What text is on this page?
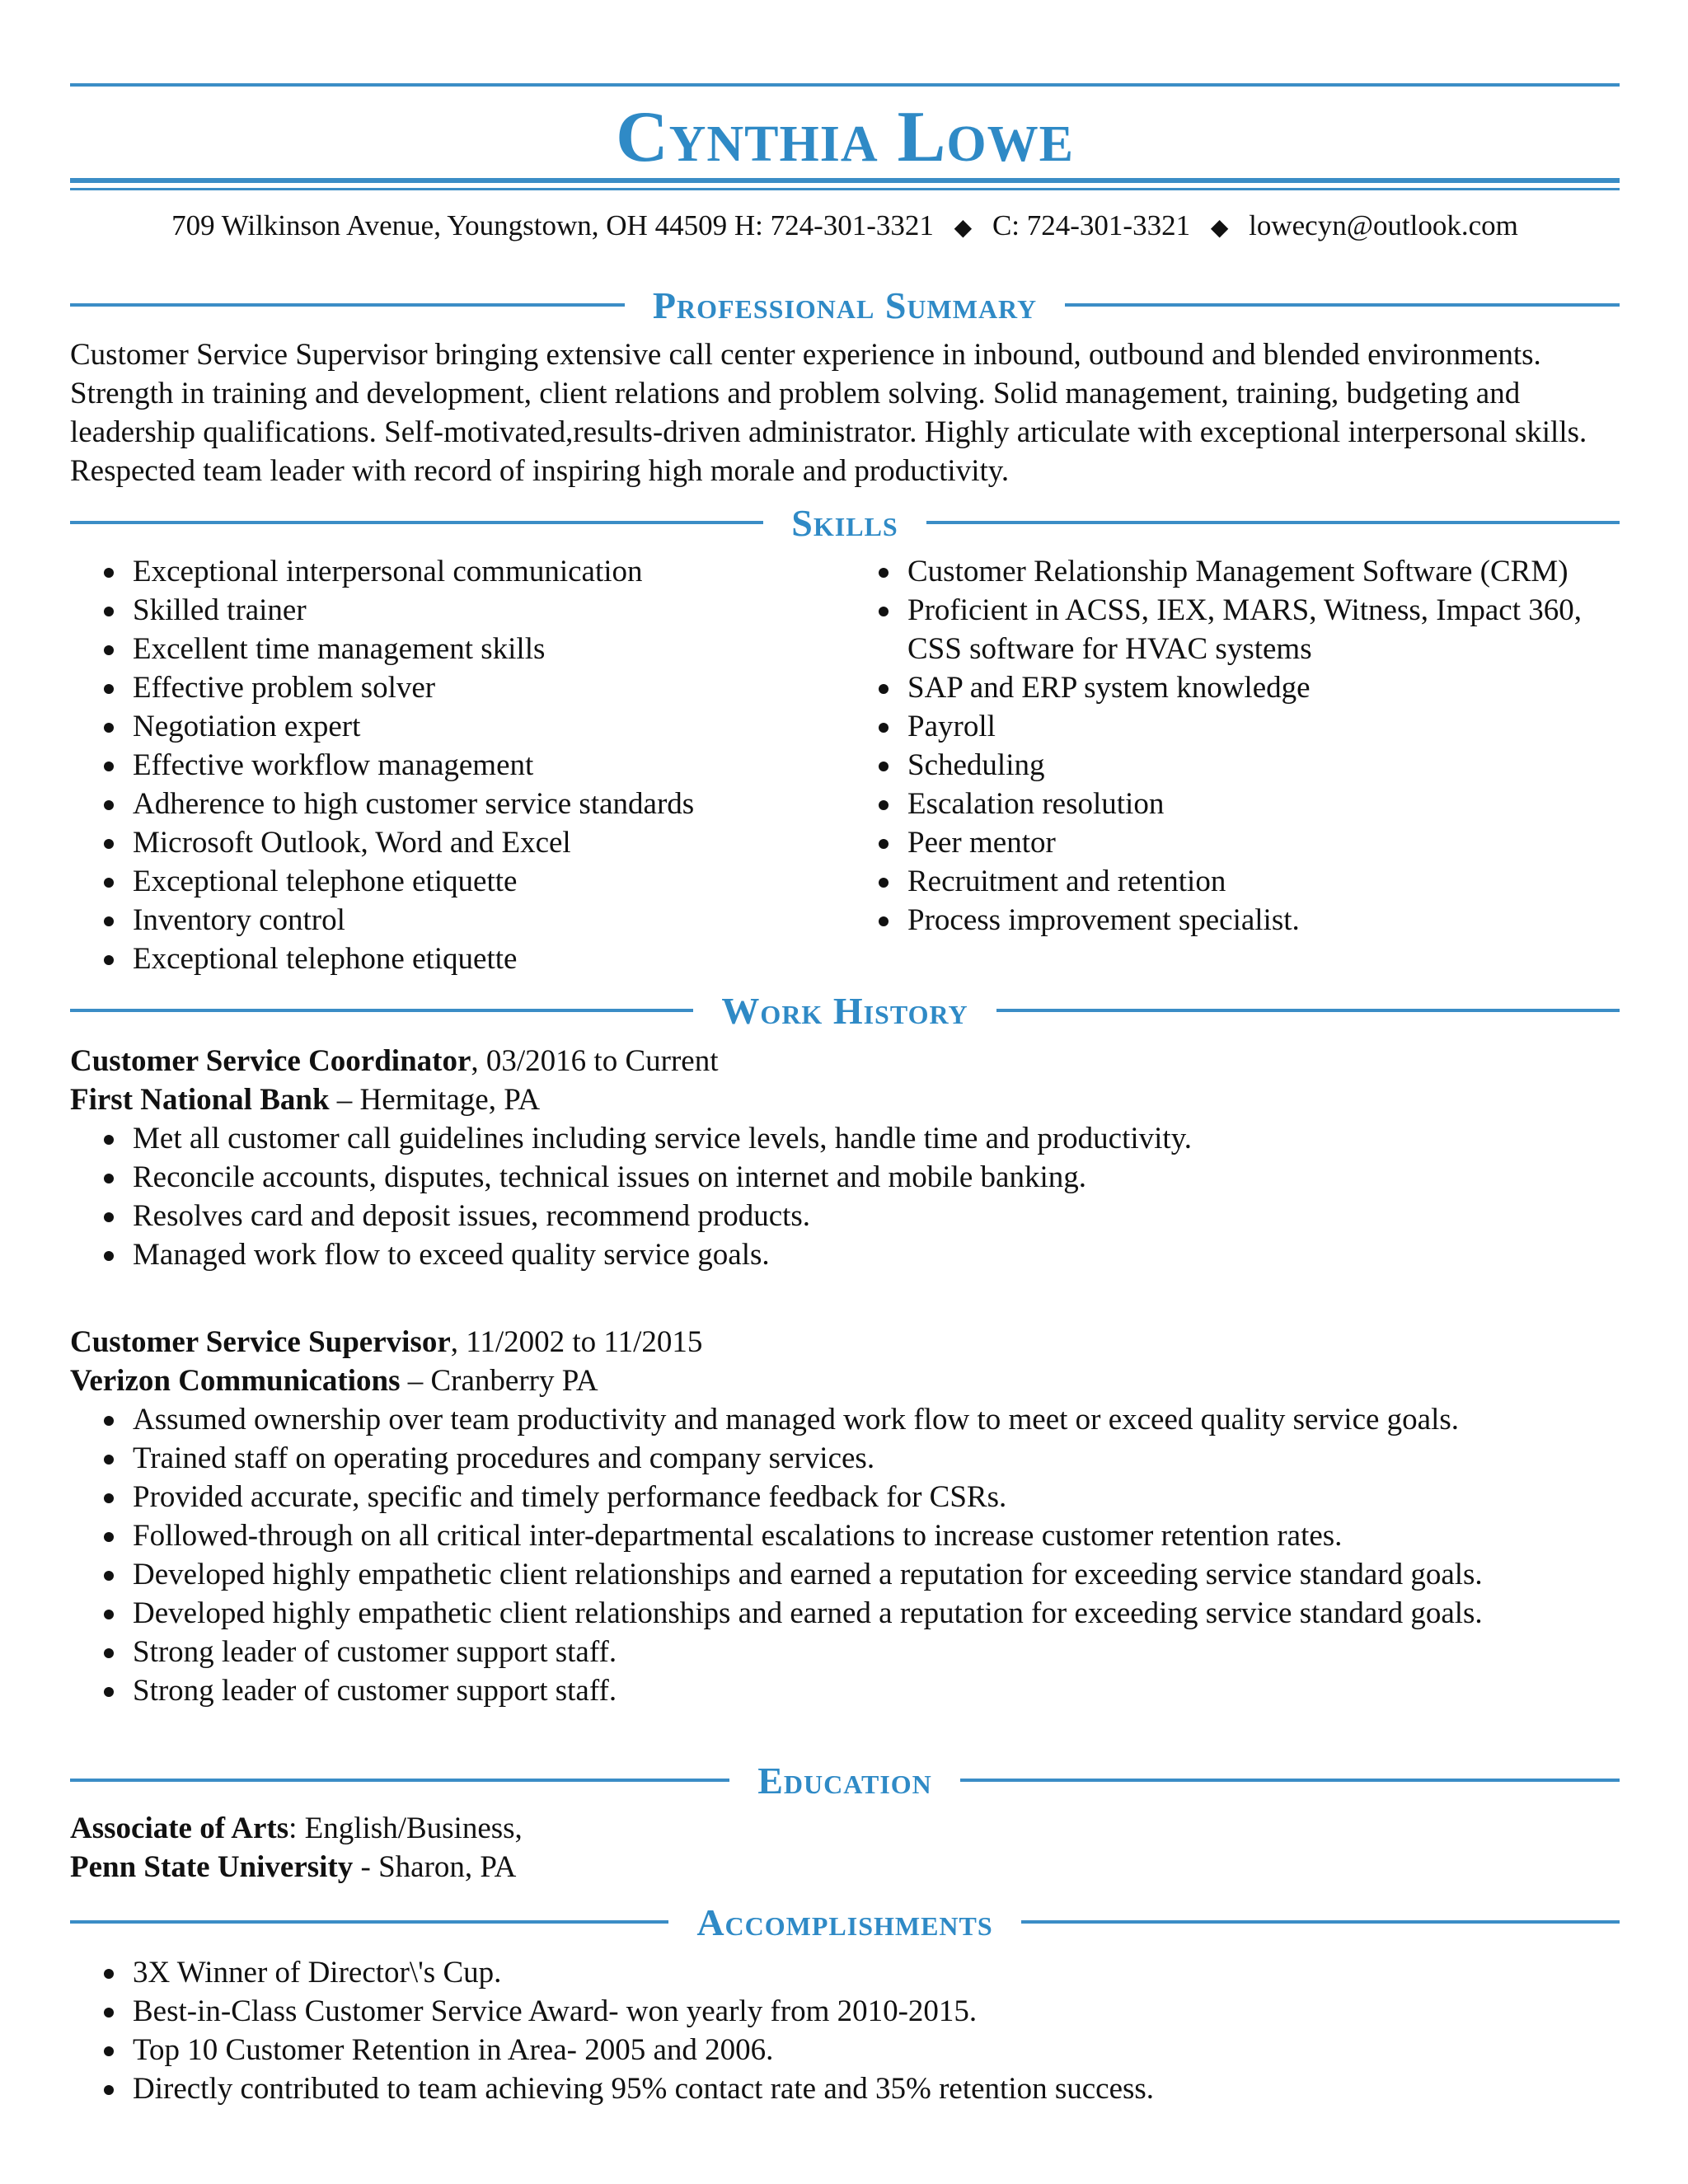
Cynthia Lowe
709 Wilkinson Avenue, Youngstown, OH 44509 H: 724-301-3321 ◆ C: 724-301-3321 ◆ lowecyn@outlook.com
Professional Summary
Customer Service Supervisor bringing extensive call center experience in inbound, outbound and blended environments. Strength in training and development, client relations and problem solving. Solid management, training, budgeting and leadership qualifications. Self-motivated,results-driven administrator. Highly articulate with exceptional interpersonal skills. Respected team leader with record of inspiring high morale and productivity.
Skills
Exceptional interpersonal communication
Skilled trainer
Excellent time management skills
Effective problem solver
Negotiation expert
Effective workflow management
Adherence to high customer service standards
Microsoft Outlook, Word and Excel
Exceptional telephone etiquette
Inventory control
Exceptional telephone etiquette
Customer Relationship Management Software (CRM)
Proficient in ACSS, IEX, MARS, Witness, Impact 360, CSS software for HVAC systems
SAP and ERP system knowledge
Payroll
Scheduling
Escalation resolution
Peer mentor
Recruitment and retention
Process improvement specialist.
Work History

Customer Service Coordinator, 03/2016 to Current

First National Bank – Hermitage, PA

Met all customer call guidelines including service levels, handle time and productivity.
Reconcile accounts, disputes, technical issues on internet and mobile banking.
Resolves card and deposit issues, recommend products.
Managed work flow to exceed quality service goals.

Customer Service Supervisor, 11/2002 to 11/2015

Verizon Communications – Cranberry PA

Assumed ownership over team productivity and managed work flow to meet or exceed quality service goals.
Trained staff on operating procedures and company services.
Provided accurate, specific and timely performance feedback for CSRs.
Followed-through on all critical inter-departmental escalations to increase customer retention rates.
Developed highly empathetic client relationships and earned a reputation for exceeding service standard goals.
Developed highly empathetic client relationships and earned a reputation for exceeding service standard goals.
Strong leader of customer support staff.
Strong leader of customer support staff.
Education

Associate of Arts: English/Business,

Penn State University - Sharon, PA

Accomplishments
3X Winner of Director\'s Cup.
Best-in-Class Customer Service Award- won yearly from 2010-2015.
Top 10 Customer Retention in Area- 2005 and 2006.
Directly contributed to team achieving 95% contact rate and 35% retention success.
